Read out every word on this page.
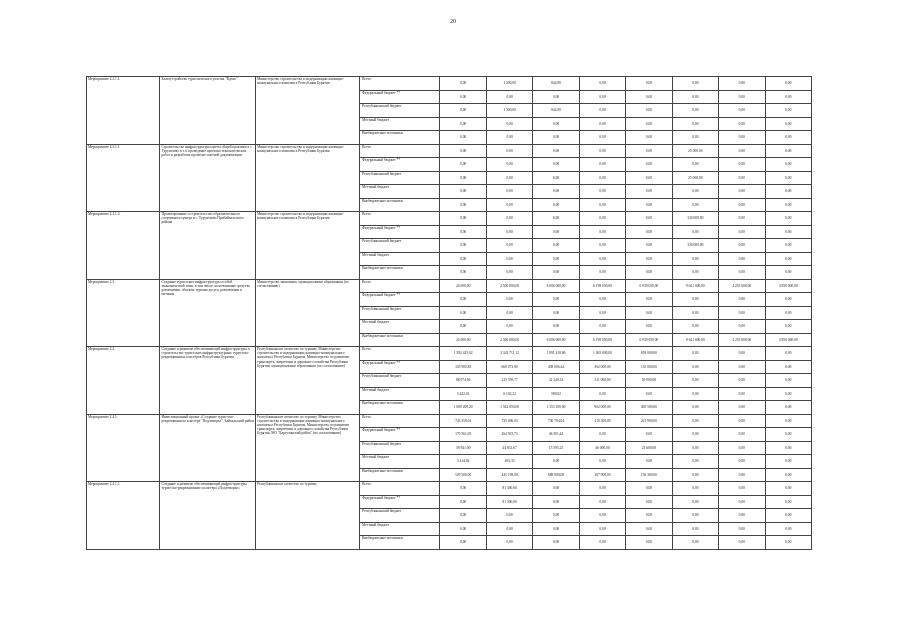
20
Мероприятие 2.2.1.1.	Благоустройство туристического участка "Вдоль"	Министерство строительства и модернизации жилищно-коммунального комплекса Республики Бурятия	Всего	0,00	1 300,00	842,00	0,00	0,00	0,00	0,00	0,00
			Федеральный бюджет **	0,00	0,00	0,00	0,00	0,00	0,00	0,00	0,00
			Республиканский бюджет	0,00	1 300,00	842,00	0,00	0,00	0,00	0,00	0,00
			Местный бюджет	0,00	0,00	0,00	0,00	0,00	0,00	0,00	0,00
			Внебюджетные источники	0,00	0,00	0,00	0,00	0,00	0,00	0,00	0,00
Мероприятие 2.2.1.1	Строительство инфраструктуры цветы общей практики в с. Турунтаево в т.ч. проведение проектно-изыскательских работ и разработка проектно-сметной документации	Министерство строительства и модернизации жилищно-коммунального комплекса Республики Бурятия	Всего	0,00	0,00	0,00	0,00	0,00	25 000,00	0,00	0,00
			Федеральный бюджет **	0,00	0,00	0,00	0,00	0,00	0,00	0,00	0,00
			Республиканский бюджет	0,00	0,00	0,00	0,00	0,00	25 000,00	0,00	0,00
			Местный бюджет	0,00	0,00	0,00	0,00	0,00	0,00	0,00	0,00
			Внебюджетные источники	0,00	0,00	0,00	0,00	0,00	0,00	0,00	0,00
Мероприятие 2.2.1.2.	Проектирование и строительство образовательного спортивного центра в с. Турунтаево Прибайкальского района	Министерство строительства и модернизации жилищно-коммунального комплекса Республики Бурятия	Всего	0,00	0,00	0,00	0,00	0,00	330 000,00	0,00	0,00
			Федеральный бюджет **	0,00	0,00	0,00	0,00	0,00	0,00	0,00	0,00
			Республиканский бюджет	0,00	0,00	0,00	0,00	0,00	330 000,00	0,00	0,00
			Местный бюджет	0,00	0,00	0,00	0,00	0,00	0,00	0,00	0,00
			Внебюджетные источники	0,00	0,00	0,00	0,00	0,00	0,00	0,00	0,00
Мероприятие 2.3.	Создание туристских инфраструктуры особой экономической зоны, в том числе: коллективные средства размещения, объекты туризма досуга, развлечения и питания	Министерство экономики, муниципальные образования (по согласованию)	Всего	24 000,00	2 506 000,00	6 006 000,00	6 198 050,00	6 939 050,00	9 641 000,00	4 253 000,00	3 850 000,00
			Федеральный бюджет **	0,00	0,00	0,00	0,00	0,00	0,00	0,00	0,00
			Республиканский бюджет	0,00	0,00	0,00	0,00	0,00	0,00	0,00	0,00
			Местный бюджет	0,00	0,00	0,00	0,00	0,00	0,00	0,00	0,00
			Внебюджетные источники	24 000,00	2 506 000,00	6 006 000,00	6 198 050,00	6 939 050,00	9 641 000,00	4 253 000,00	3 850 000,00
Мероприятие 2.4.	Создание и развитие обеспечивающей инфраструктуры и строительство туристских инфраструктурных туристско-рекреационных кластеров Республики Бурятия	Республиканское агентство по туризму, Министерство строительства и модернизации жилищно-коммунального комплекса Республики Бурятия, Министерство по развитию транспорта, энергетики и дорожного хозяйства Республики Бурятия, муниципальные образования (по согласованию)	Всего	1 582 425,02	2 343 711,12	1 891 418,86	1 365 000,00	659 000,00	0,00	0,00	0,00
			Федеральный бюджет **	335 905,85	660 073,80	458 006,44	362 000,00	135 000,00	0,00	0,00	0,00
			Республиканский бюджет	88 074,96	125 559,77	32 240,34	311 000,00	59 000,00	0,00	0,00	0,00
			Местный бюджет	3 442,01	6 102,22	580,02	0,00	0,00	0,00	0,00	0,00
			Внебюджетные источники	1 000 200,20	1 542 050,00	1 353 100,00	902 000,00	405 500,00	0,00	0,00	0,00
Мероприятие 2.4.1.	Инвестиционный проект «Создание туристско-рекреационного кластера "Подлеморье", Байкальский район	Республиканское агентство по туризму, Министерство строительства и модернизации жилищно-коммунального комплекса Республики Бурятия, Министерство по развитию транспорта, энергетики и дорожного хозяйства Республики Бурятия, МО "Баргузинский район" (по согласованию)	Всего	743 350,02	735 496,03	730 704,04	410 300,00	241 900,00	0,00	0,00	0,00
			Федеральный бюджет **	170 561,05	264 915,73	46 501,44	0,00	0,00	0,00	0,00	0,00
			Республиканский бюджет	39 941,00	24 831,67	15 595,25	46 000,00	23 600,00	0,00	0,00	0,00
			Местный бюджет	3 414,02	493,33	0,00	0,00	0,00	0,00	0,00	0,00
			Внебюджетные источники	529 500,00	445 109,00	688 000,00	367 900,00	156 300,00	0,00	0,00	0,00
Мероприятие 2.4.1.1.	Создание и развитие обеспечивающей инфраструктуры туристско-рекреационного кластера «Подлеморье»	Республиканское агентство по туризму	Всего	0,00	81 300,00	0,00	0,00	0,00	0,00	0,00	0,00
			Федеральный бюджет **	0,00	81 300,00	0,00	0,00	0,00	0,00	0,00	0,00
			Республиканский бюджет	0,00	0,00	0,00	0,00	0,00	0,00	0,00	0,00
			Местный бюджет	0,00	0,00	0,00	0,00	0,00	0,00	0,00	0,00
			Внебюджетные источники	0,00	0,00	0,00	0,00	0,00	0,00	0,00	0,00
